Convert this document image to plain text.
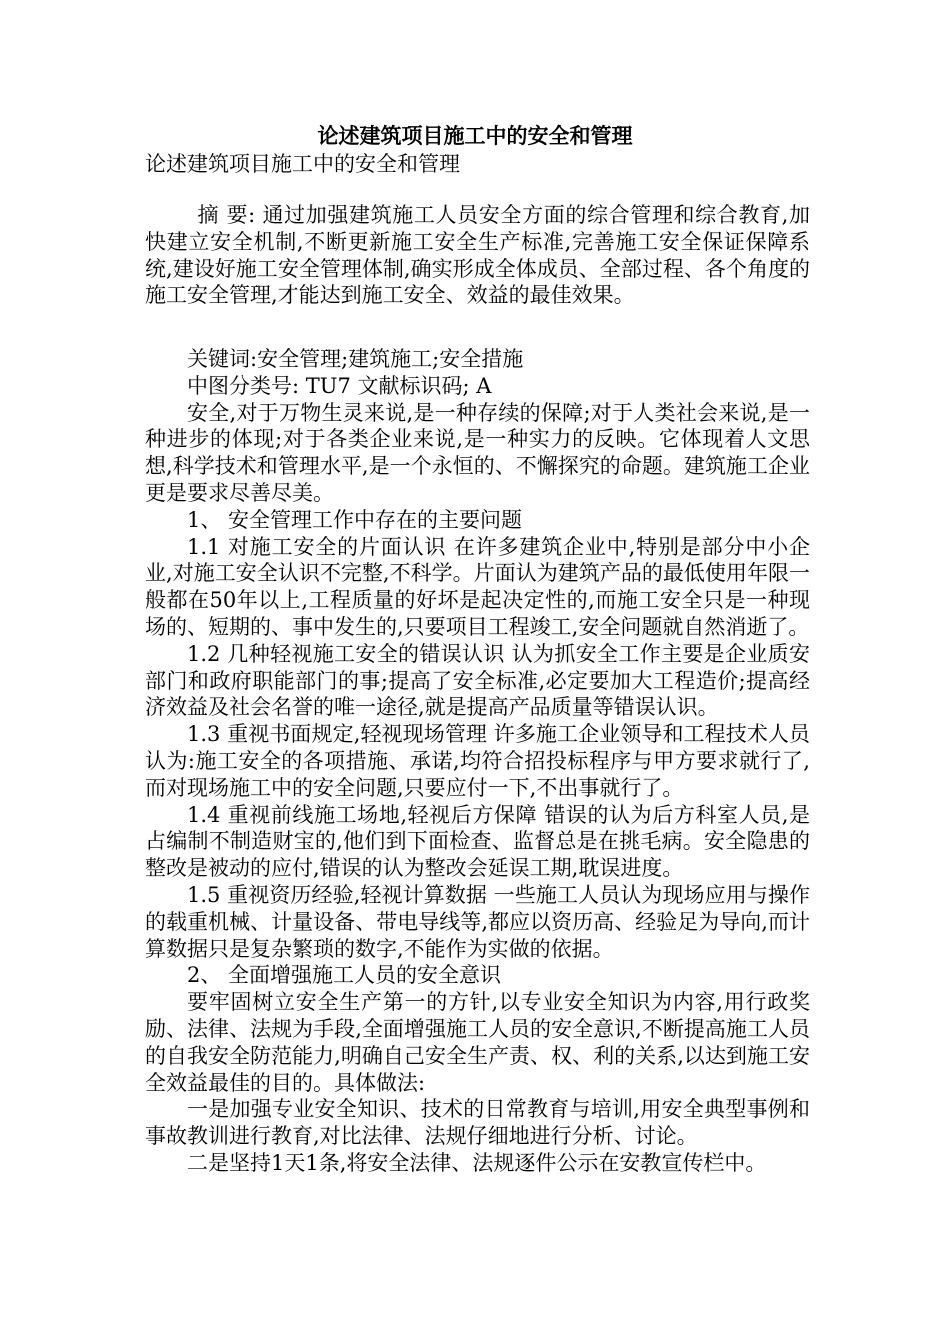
论述建筑项目施工中的安全和管理
论述建筑项目施工中的安全和管理

摘 要: 通过加强建筑施工人员安全方面的综合管理和综合教育,加快建立安全机制,不断更新施工安全生产标准,完善施工安全保证保障系统,建设好施工安全管理体制,确实形成全体成员、全部过程、各个角度的施工安全管理,才能达到施工安全、效益的最佳效果。

关键词:安全管理;建筑施工;安全措施

中图分类号: TU7 文献标识码; A

安全,对于万物生灵来说,是一种存续的保障;对于人类社会来说,是一种进步的体现;对于各类企业来说,是一种实力的反映。它体现着人文思想,科学技术和管理水平,是一个永恒的、不懈探究的命题。建筑施工企业更是要求尽善尽美。

1、 安全管理工作中存在的主要问题

1.1 对施工安全的片面认识 在许多建筑企业中,特别是部分中小企业,对施工安全认识不完整,不科学。片面认为建筑产品的最低使用年限一般都在50年以上,工程质量的好坏是起决定性的,而施工安全只是一种现场的、短期的、事中发生的,只要项目工程竣工,安全问题就自然消逝了。

1.2 几种轻视施工安全的错误认识 认为抓安全工作主要是企业质安部门和政府职能部门的事;提高了安全标准,必定要加大工程造价;提高经济效益及社会名誉的唯一途径,就是提高产品质量等错误认识。

1.3 重视书面规定,轻视现场管理 许多施工企业领导和工程技术人员认为:施工安全的各项措施、承诺,均符合招投标程序与甲方要求就行了,而对现场施工中的安全问题,只要应付一下,不出事就行了。

1.4 重视前线施工场地,轻视后方保障 错误的认为后方科室人员,是占编制不制造财宝的,他们到下面检查、监督总是在挑毛病。安全隐患的整改是被动的应付,错误的认为整改会延误工期,耽误进度。

1.5 重视资历经验,轻视计算数据 一些施工人员认为现场应用与操作的载重机械、计量设备、带电导线等,都应以资历高、经验足为导向,而计算数据只是复杂繁琐的数字,不能作为实做的依据。

2、 全面增强施工人员的安全意识

要牢固树立安全生产第一的方针,以专业安全知识为内容,用行政奖励、法律、法规为手段,全面增强施工人员的安全意识,不断提高施工人员的自我安全防范能力,明确自己安全生产责、权、利的关系,以达到施工安全效益最佳的目的。具体做法:

一是加强专业安全知识、技术的日常教育与培训,用安全典型事例和事故教训进行教育,对比法律、法规仔细地进行分析、讨论。

二是坚持1天1条,将安全法律、法规逐件公示在安教宣传栏中。
